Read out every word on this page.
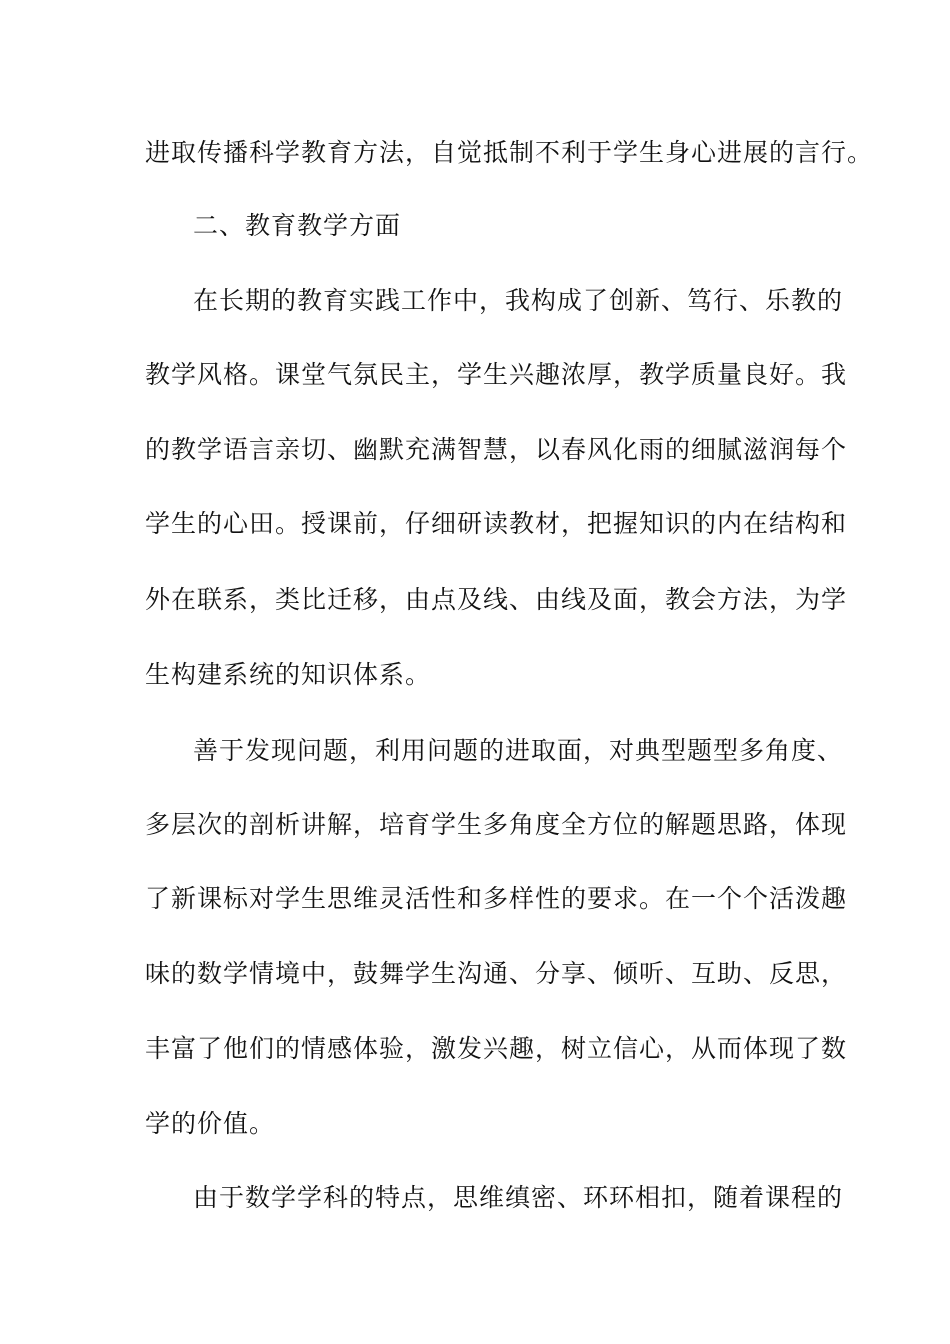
进取传播科学教育方法，自觉抵制不利于学生身心进展的言行。
二、教育教学方面
在长期的教育实践工作中，我构成了创新、笃行、乐教的
教学风格。课堂气氛民主，学生兴趣浓厚，教学质量良好。我
的教学语言亲切、幽默充满智慧，以春风化雨的细腻滋润每个
学生的心田。授课前，仔细研读教材，把握知识的内在结构和
外在联系，类比迁移，由点及线、由线及面，教会方法，为学
生构建系统的知识体系。
善于发现问题，利用问题的进取面，对典型题型多角度、
多层次的剖析讲解，培育学生多角度全方位的解题思路，体现
了新课标对学生思维灵活性和多样性的要求。在一个个活泼趣
味的数学情境中，鼓舞学生沟通、分享、倾听、互助、反思，
丰富了他们的情感体验，激发兴趣，树立信心，从而体现了数
学的价值。
由于数学学科的特点，思维缜密、环环相扣，随着课程的
